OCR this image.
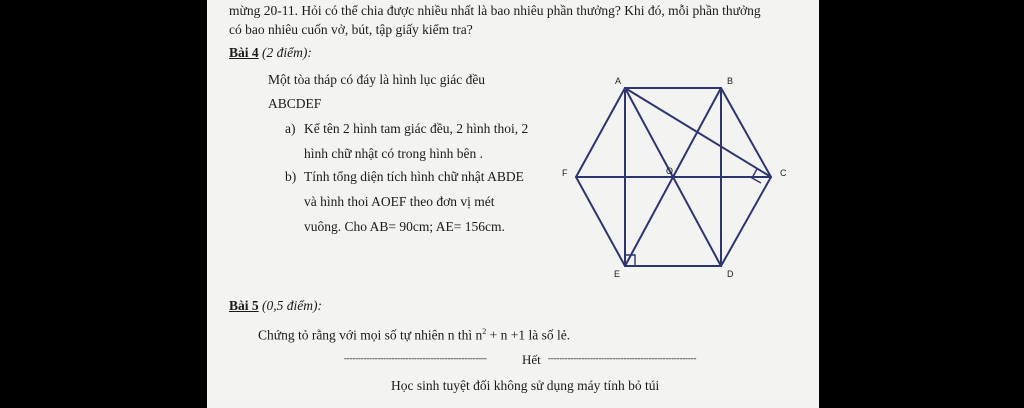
mừng 20-11. Hỏi có thể chia được nhiều nhất là bao nhiêu phần thưởng? Khi đó, mỗi phần thưởng
có bao nhiêu cuốn vở, bút, tập giấy kiểm tra?
Bài 4 (2 điểm):
Một tòa tháp có đáy là hình lục giác đều
ABCDEF
a) Kể tên 2 hình tam giác đều, 2 hình thoi, 2
hình chữ nhật có trong hình bên .
b) Tính tổng diện tích hình chữ nhật ABDE
và hình thoi AOEF theo đơn vị mét
vuông. Cho AB= 90cm; AE= 156cm.
A	B
C
D
E
F	O
Bài 5 (0,5 điểm):
Chứng tỏ rằng với mọi số tự nhiên n thì $n^2 + n +1$ là số lẻ.
---------------------------------------------------	Hết -----------------------------------------------------
Học sinh tuyệt đối không sử dụng máy tính bỏ túi
